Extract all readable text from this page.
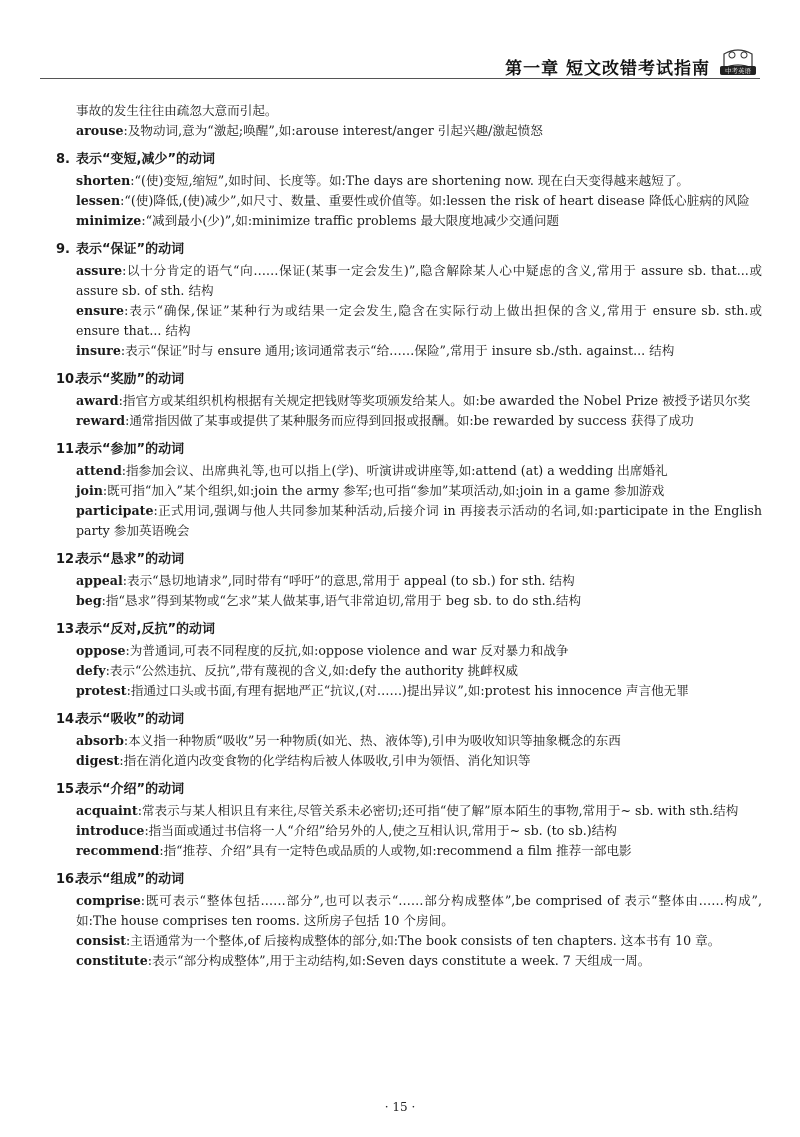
第一章 短文改错考试指南 中考英语
事故的发生往往由疏忽大意而引起。
arouse:及物动词,意为“激起;唤醒”,如:arouse interest/anger 引起兴趣/激起愤怒
8. 表示“变短,减少”的动词
shorten:“(使)变短,缩短”,如时间、长度等。如:The days are shortening now. 现在白天变得越来越短了。
lessen:“(使)降低,(使)减少”,如尺寸、数量、重要性或价值等。如:lessen the risk of heart disease 降低心脏病的风险
minimize:“减到最小(少)”,如:minimize traffic problems 最大限度地减少交通问题
9. 表示“保证”的动词
assure:以十分肯定的语气“向……保证(某事一定会发生)”,隐含解除某人心中疑虑的含义,常用于 assure sb. that...或 assure sb. of sth. 结构
ensure:表示“确保,保证”某种行为或结果一定会发生,隐含在实际行动上做出担保的含义,常用于 ensure sb. sth.或 ensure that... 结构
insure:表示“保证”时与 ensure 通用;该词通常表示“给……保险”,常用于 insure sb./sth. against... 结构
10.表示“奖励”的动词
award:指官方或某组织机构根据有关规定把钱财等奖项颁发给某人。如:be awarded the Nobel Prize 被授予诺贝尔奖
reward:通常指因做了某事或提供了某种服务而应得到回报或报酬。如:be rewarded by success 获得了成功
11.表示“参加”的动词
attend:指参加会议、出席典礼等,也可以指上(学)、听演讲或讲座等,如:attend (at) a wedding 出席婚礼
join:既可指“加入”某个组织,如:join the army 参军;也可指“参加”某项活动,如:join in a game 参加游戏
participate:正式用词,强调与他人共同参加某种活动,后接介词 in 再接表示活动的名词,如:participate in the English party 参加英语晚会
12.表示“恳求”的动词
appeal:表示“恳切地请求”,同时带有“呼吁”的意思,常用于 appeal (to sb.) for sth. 结构
beg:指“恳求”得到某物或“乞求”某人做某事,语气非常迫切,常用于 beg sb. to do sth.结构
13.表示“反对,反抗”的动词
oppose:为普通词,可表不同程度的反抗,如:oppose violence and war 反对暴力和战争
defy:表示“公然违抗、反抗”,带有蔑视的含义,如:defy the authority 挑衅权威
protest:指通过口头或书面,有理有据地严正“抗议,(对……)提出异议”,如:protest his innocence 声言他无罪
14.表示“吸收”的动词
absorb:本义指一种物质“吸收”另一种物质(如光、热、液体等),引申为吸收知识等抽象概念的东西
digest:指在消化道内改变食物的化学结构后被人体吸收,引申为领悟、消化知识等
15.表示“介绍”的动词
acquaint:常表示与某人相识且有来往,尽管关系未必密切;还可指“使了解”原本陌生的事物,常用于~ sb. with sth.结构
introduce:指当面或通过书信将一人“介绍”给另外的人,使之互相认识,常用于~ sb. (to sb.)结构
recommend:指“推荐、介绍”具有一定特色或品质的人或物,如:recommend a film 推荐一部电影
16.表示“组成”的动词
comprise:既可表示“整体包括……部分”,也可以表示“……部分构成整体”,be comprised of 表示“整体由……构成”,如:The house comprises ten rooms. 这所房子包括 10 个房间。
consist:主语通常为一个整体,of 后接构成整体的部分,如:The book consists of ten chapters. 这本书有 10 章。
constitute:表示“部分构成整体”,用于主动结构,如:Seven days constitute a week. 7 天组成一周。
· 15 ·
